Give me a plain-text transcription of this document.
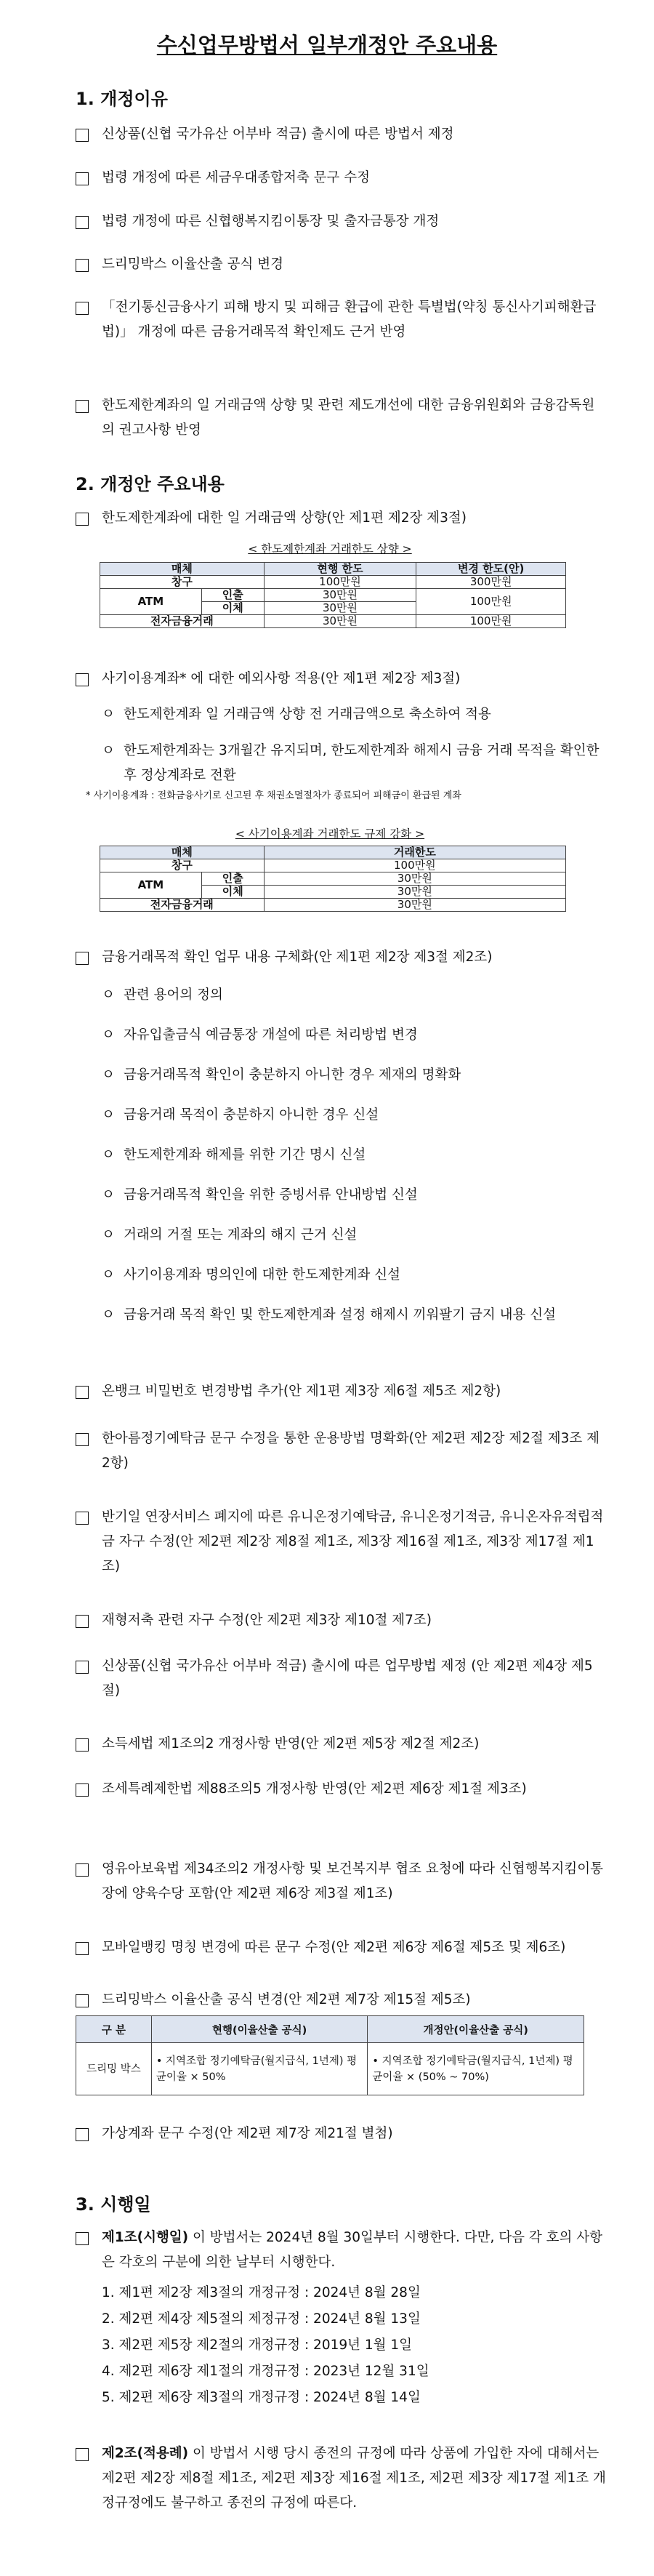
수신업무방법서 일부개정안 주요내용
1. 개정이유
신상품(신협 국가유산 어부바 적금) 출시에 따른 방법서 제정
법령 개정에 따른 세금우대종합저축 문구 수정
법령 개정에 따른 신협행복지킴이통장 및 출자금통장 개정
드리밍박스 이율산출 공식 변경
「전기통신금융사기 피해 방지 및 피해금 환급에 관한 특별법(약칭 통신사기피해환급법)」 개정에 따른 금융거래목적 확인제도 근거 반영
한도제한계좌의 일 거래금액 상향 및 관련 제도개선에 대한 금융위원회와 금융감독원의 권고사항 반영
2. 개정안 주요내용
한도제한계좌에 대한 일 거래금액 상향(안 제1편 제2장 제3절)
< 한도제한계좌 거래한도 상향 >
매체		현행 한도	변경 한도(안)
창구		100만원	300만원
ATM	인출	30만원	100만원
	이체	30만원	
전자금융거래		30만원	100만원
사기이용계좌* 에 대한 예외사항 적용(안 제1편 제2장 제3절)
ㅇ 한도제한계좌 일 거래금액 상향 전 거래금액으로 축소하여 적용
ㅇ 한도제한계좌는 3개월간 유지되며, 한도제한계좌 해제시 금융 거래 목적을 확인한 후 정상계좌로 전환
* 사기이용계좌 : 전화금융사기로 신고된 후 채권소멸절차가 종료되어 피해금이 환급된 계좌
< 사기이용계좌 거래한도 규제 강화 >
매체		거래한도
창구		100만원
ATM	인출	30만원
	이체	30만원
전자금융거래		30만원
금융거래목적 확인 업무 내용 구체화(안 제1편 제2장 제3절 제2조)
ㅇ 관련 용어의 정의
ㅇ 자유입출금식 예금통장 개설에 따른 처리방법 변경
ㅇ 금융거래목적 확인이 충분하지 아니한 경우 제재의 명확화
ㅇ 금융거래 목적이 충분하지 아니한 경우 신설
ㅇ 한도제한계좌 해제를 위한 기간 명시 신설
ㅇ 금융거래목적 확인을 위한 증빙서류 안내방법 신설
ㅇ 거래의 거절 또는 계좌의 해지 근거 신설
ㅇ 사기이용계좌 명의인에 대한 한도제한계좌 신설
ㅇ 금융거래 목적 확인 및 한도제한계좌 설정 해제시 끼워팔기 금지 내용 신설
온뱅크 비밀번호 변경방법 추가(안 제1편 제3장 제6절 제5조 제2항)
한아름정기예탁금 문구 수정을 통한 운용방법 명확화(안 제2편 제2장 제2절 제3조 제2항)
반기일 연장서비스 폐지에 따른 유니온정기예탁금, 유니온정기적금, 유니온자유적립적금 자구 수정(안 제2편 제2장 제8절 제1조, 제3장 제16절 제1조, 제3장 제17절 제1조)
재형저축 관련 자구 수정(안 제2편 제3장 제10절 제7조)
신상품(신협 국가유산 어부바 적금) 출시에 따른 업무방법 제정 (안 제2편 제4장 제5절)
소득세법 제1조의2 개정사항 반영(안 제2편 제5장 제2절 제2조)
조세특례제한법 제88조의5 개정사항 반영(안 제2편 제6장 제1절 제3조)
영유아보육법 제34조의2 개정사항 및 보건복지부 협조 요청에 따라 신협행복지킴이통장에 양육수당 포함(안 제2편 제6장 제3절 제1조)
모바일뱅킹 명칭 변경에 따른 문구 수정(안 제2편 제6장 제6절 제5조 및 제6조)
드리밍박스 이율산출 공식 변경(안 제2편 제7장 제15절 제5조)
구 분	현행(이율산출 공식)	개정안(이율산출 공식)
드리밍 박스	• 지역조합 정기예탁금(월지급식, 1년제) 평균이율 × 50%	• 지역조합 정기예탁금(월지급식, 1년제) 평균이율 × (50% ~ 70%)
가상계좌 문구 수정(안 제2편 제7장 제21절 별첨)
3. 시행일
제1조(시행일) 이 방법서는 2024년 8월 30일부터 시행한다. 다만, 다음 각 호의 사항은 각호의 구분에 의한 날부터 시행한다.
1. 제1편 제2장 제3절의 개정규정 : 2024년 8월 28일
2. 제2편 제4장 제5절의 제정규정 : 2024년 8월 13일
3. 제2편 제5장 제2절의 개정규정 : 2019년 1월 1일
4. 제2편 제6장 제1절의 개정규정 : 2023년 12월 31일
5. 제2편 제6장 제3절의 개정규정 : 2024년 8월 14일
제2조(적용례) 이 방법서 시행 당시 종전의 규정에 따라 상품에 가입한 자에 대해서는 제2편 제2장 제8절 제1조, 제2편 제3장 제16절 제1조, 제2편 제3장 제17절 제1조 개정규정에도 불구하고 종전의 규정에 따른다.
